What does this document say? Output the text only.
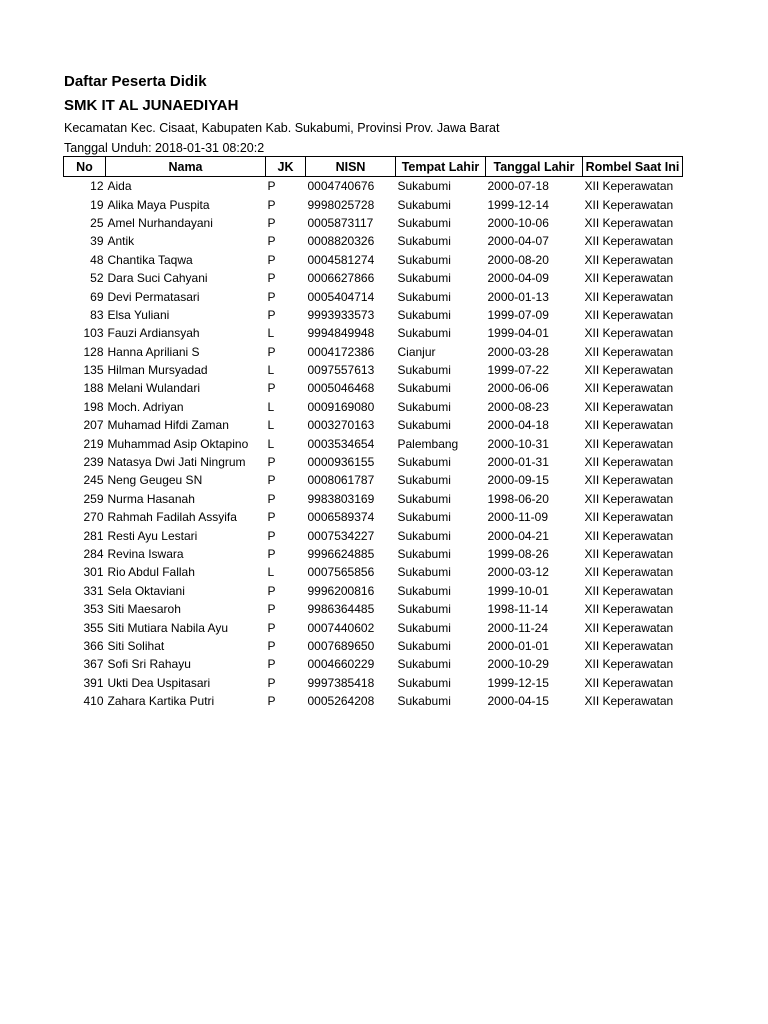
Daftar Peserta Didik
SMK IT AL JUNAEDIYAH
Kecamatan Kec. Cisaat, Kabupaten Kab. Sukabumi, Provinsi Prov. Jawa Barat
Tanggal Unduh: 2018-01-31 08:20:2
No	Nama	JK	NISN	Tempat Lahir	Tanggal Lahir	Rombel Saat Ini
12	Aida	P	0004740676	Sukabumi	2000-07-18	XII Keperawatan
19	Alika Maya Puspita	P	9998025728	Sukabumi	1999-12-14	XII Keperawatan
25	Amel Nurhandayani	P	0005873117	Sukabumi	2000-10-06	XII Keperawatan
39	Antik	P	0008820326	Sukabumi	2000-04-07	XII Keperawatan
48	Chantika Taqwa	P	0004581274	Sukabumi	2000-08-20	XII Keperawatan
52	Dara Suci Cahyani	P	0006627866	Sukabumi	2000-04-09	XII Keperawatan
69	Devi Permatasari	P	0005404714	Sukabumi	2000-01-13	XII Keperawatan
83	Elsa Yuliani	P	9993933573	Sukabumi	1999-07-09	XII Keperawatan
103	Fauzi Ardiansyah	L	9994849948	Sukabumi	1999-04-01	XII Keperawatan
128	Hanna Apriliani S	P	0004172386	Cianjur	2000-03-28	XII Keperawatan
135	Hilman Mursyadad	L	0097557613	Sukabumi	1999-07-22	XII Keperawatan
188	Melani Wulandari	P	0005046468	Sukabumi	2000-06-06	XII Keperawatan
198	Moch. Adriyan	L	0009169080	Sukabumi	2000-08-23	XII Keperawatan
207	Muhamad Hifdi Zaman	L	0003270163	Sukabumi	2000-04-18	XII Keperawatan
219	Muhammad Asip Oktapino	L	0003534654	Palembang	2000-10-31	XII Keperawatan
239	Natasya Dwi Jati Ningrum	P	0000936155	Sukabumi	2000-01-31	XII Keperawatan
245	Neng Geugeu SN	P	0008061787	Sukabumi	2000-09-15	XII Keperawatan
259	Nurma Hasanah	P	9983803169	Sukabumi	1998-06-20	XII Keperawatan
270	Rahmah Fadilah Assyifa	P	0006589374	Sukabumi	2000-11-09	XII Keperawatan
281	Resti Ayu Lestari	P	0007534227	Sukabumi	2000-04-21	XII Keperawatan
284	Revina Iswara	P	9996624885	Sukabumi	1999-08-26	XII Keperawatan
301	Rio Abdul Fallah	L	0007565856	Sukabumi	2000-03-12	XII Keperawatan
331	Sela Oktaviani	P	9996200816	Sukabumi	1999-10-01	XII Keperawatan
353	Siti Maesaroh	P	9986364485	Sukabumi	1998-11-14	XII Keperawatan
355	Siti Mutiara Nabila Ayu	P	0007440602	Sukabumi	2000-11-24	XII Keperawatan
366	Siti Solihat	P	0007689650	Sukabumi	2000-01-01	XII Keperawatan
367	Sofi Sri Rahayu	P	0004660229	Sukabumi	2000-10-29	XII Keperawatan
391	Ukti Dea Uspitasari	P	9997385418	Sukabumi	1999-12-15	XII Keperawatan
410	Zahara Kartika Putri	P	0005264208	Sukabumi	2000-04-15	XII Keperawatan
